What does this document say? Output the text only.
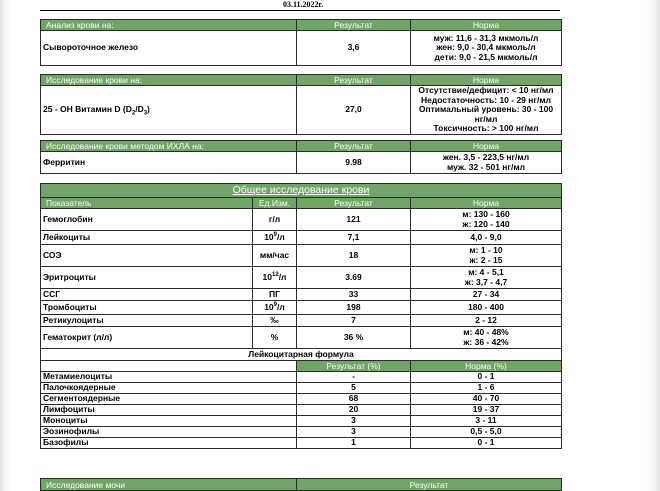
03.11.2022г.
Анализ крови на:	Результат	Норма
Сывороточное железо	3,6	муж: 11,6 - 31,3 мкмоль/л
жен: 9,0 - 30,4 мкмоль/л
дети: 9,0 - 21,5 мкмоль/л
Исследование крови на:	Результат	Норма
25 - ОН Витамин D $(D_2/D_3)$	27,0	Отсутствие/дефицит: < 10 нг/мл
Недостаточность: 10 - 29 нг/мл
Оптимальный уровень: 30 - 100 нг/мл
Токсичность: > 100 нг/мл
Исследование крови методом ИХЛА на:	Результат	Норма
Ферритин	9.98	жен. 3,5 - 223,5 нг/мл
муж. 32 - 501 нг/мл
Общее исследование крови			
Показатель	Ед.Изм.	Результат	Норма
Гемоглобин	г/л	121	м: 130 - 160
ж: 120 - 140

Лейкоциты	$10^9/л$	7,1	4,0 - 9,0

СОЭ	мм/час	18	м: 1 - 10
ж: 2 - 15

Эритроциты	$10^{12}/л$	3.69	м: 4 - 5,1
ж: 3,7 - 4,7

ССГ	ПГ	33	27 - 34

Тромбоциты	$10^9/л$	198	180 - 400

Ретикулоциты	‰	7	2 - 12

Гематокрит (л/л)	%	36 %	м: 40 - 48%
ж: 36 - 42%

Лейкоцитарная формула			
		Результат (%)	Норма (%)
Метамиелоциты		-	0 - 1
Палочкоядерные		5	1 - 6
Сегментоядерные		68	40 - 70
Лимфоциты		20	19 - 37
Моноциты		3	3 - 11
Эозинофилы		3	0,5 - 5,0
Базофилы		1	0 - 1
Исследование мочи	Результат
